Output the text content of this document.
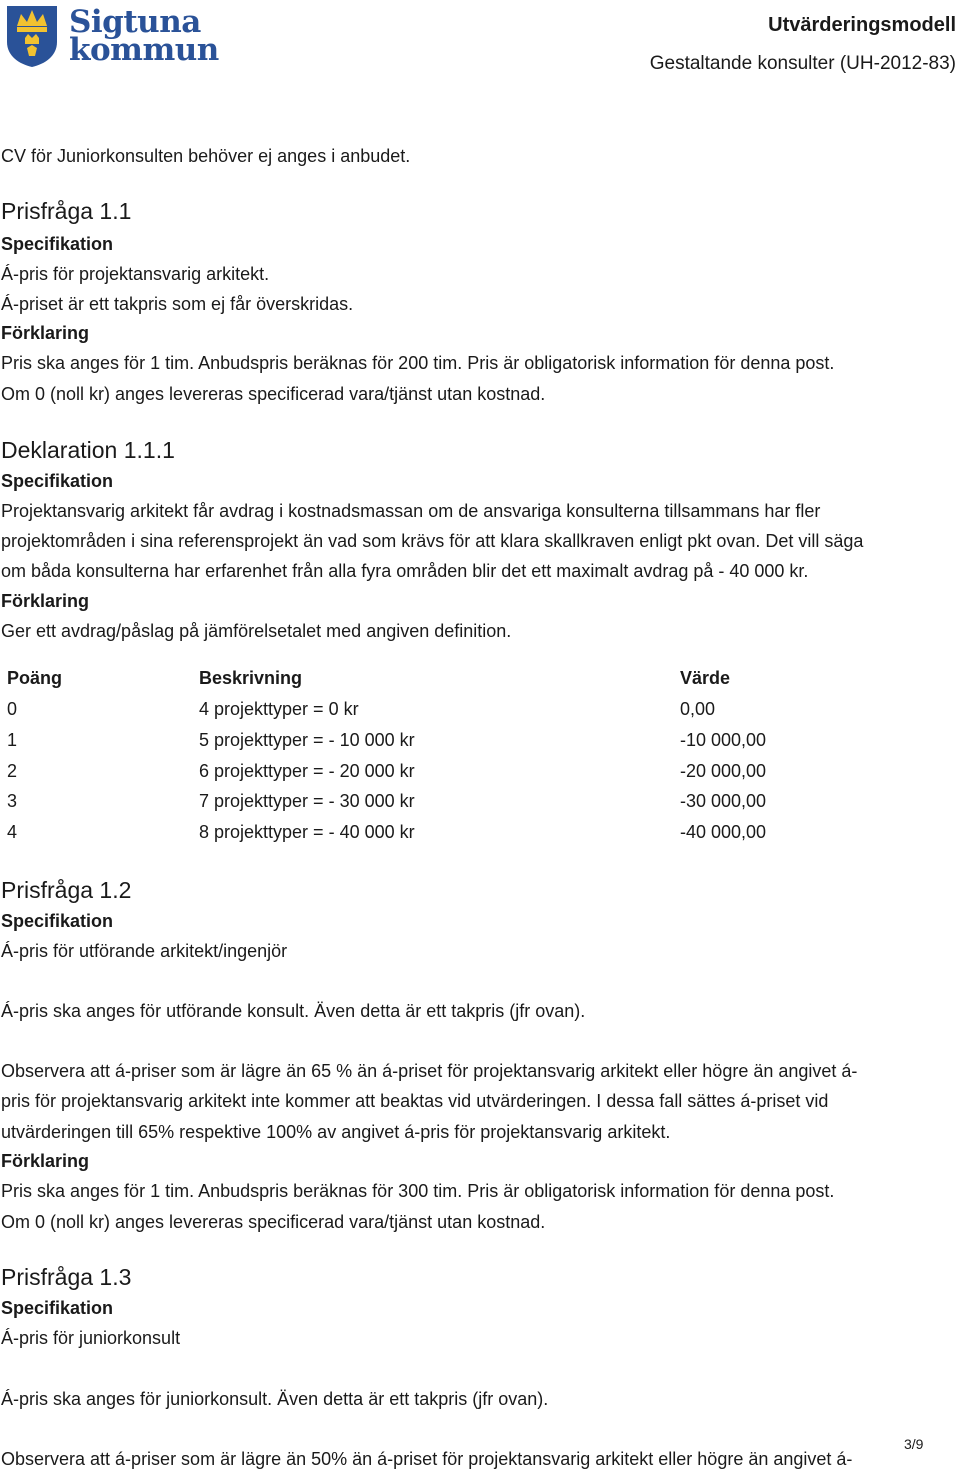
Sigtuna
kommun
Utvärderingsmodell
Gestaltande konsulter (UH-2012-83)
CV för Juniorkonsulten behöver ej anges i anbudet.
Prisfråga 1.1
Specifikation
Á-pris för projektansvarig arkitekt.
Á-priset är ett takpris som ej får överskridas.
Förklaring
Pris ska anges för 1 tim. Anbudspris beräknas för 200 tim. Pris är obligatorisk information för denna post.
Om 0 (noll kr) anges levereras specificerad vara/tjänst utan kostnad.
Deklaration 1.1.1
Specifikation
Projektansvarig arkitekt får avdrag i kostnadsmassan om de ansvariga konsulterna tillsammans har fler
projektområden i sina referensprojekt än vad som krävs för att klara skallkraven enligt pkt ovan. Det vill säga
om båda konsulterna har erfarenhet från alla fyra områden blir det ett maximalt avdrag på - 40 000 kr.
Förklaring
Ger ett avdrag/påslag på jämförelsetalet med angiven definition.
Poäng	Beskrivning	Värde
0	4 projekttyper = 0 kr	0,00
1	5 projekttyper = - 10 000 kr	-10 000,00
2	6 projekttyper = - 20 000 kr	-20 000,00
3	7 projekttyper = - 30 000 kr	-30 000,00
4	8 projekttyper = - 40 000 kr	-40 000,00
Prisfråga 1.2
Specifikation
Á-pris för utförande arkitekt/ingenjör
Á-pris ska anges för utförande konsult. Även detta är ett takpris (jfr ovan).
Observera att á-priser som är lägre än 65 % än á-priset för projektansvarig arkitekt eller högre än angivet á-
pris för projektansvarig arkitekt inte kommer att beaktas vid utvärderingen. I dessa fall sättes á-priset vid
utvärderingen till 65% respektive 100% av angivet á-pris för projektansvarig arkitekt.
Förklaring
Pris ska anges för 1 tim. Anbudspris beräknas för 300 tim. Pris är obligatorisk information för denna post.
Om 0 (noll kr) anges levereras specificerad vara/tjänst utan kostnad.
Prisfråga 1.3
Specifikation
Á-pris för juniorkonsult
Á-pris ska anges för juniorkonsult. Även detta är ett takpris (jfr ovan).
Observera att á-priser som är lägre än 50% än á-priset för projektansvarig arkitekt eller högre än angivet á-
3/9
